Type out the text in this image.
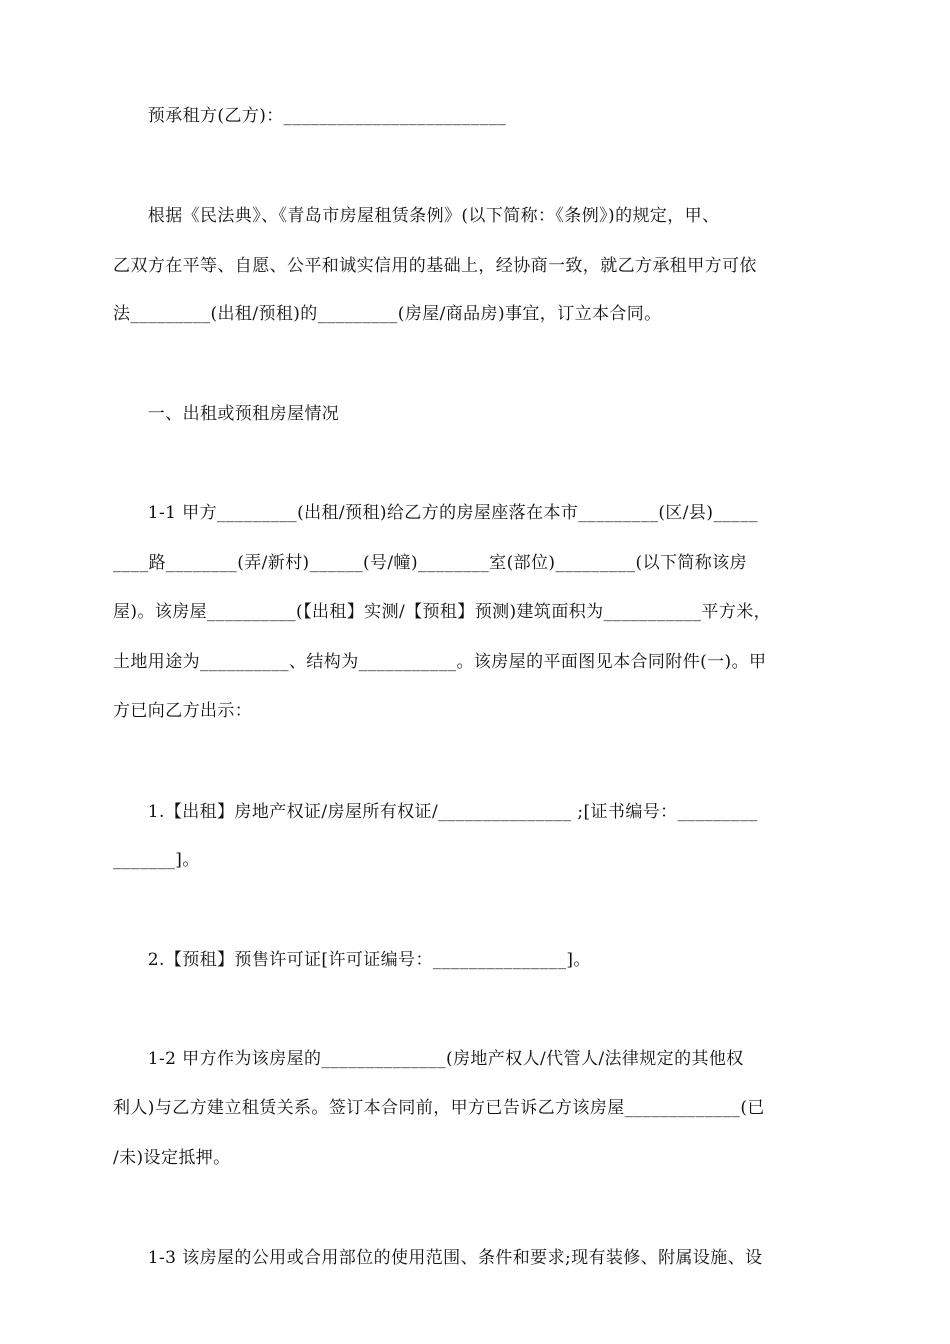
　　预承租方(乙方)：_________________________
　　根据《民法典》、《青岛市房屋租赁条例》(以下简称：《条例》)的规定，甲、
乙双方在平等、自愿、公平和诚实信用的基础上，经协商一致，就乙方承租甲方可依
法_________(出租/预租)的_________(房屋/商品房)事宜，订立本合同。
　　一、出租或预租房屋情况
　　1-1 甲方_________(出租/预租)给乙方的房屋座落在本市_________(区/县)_____
____路________(弄/新村)______(号/幢)________室(部位)_________(以下简称该房
屋)。该房屋__________(【出租】实测/【预租】预测)建筑面积为___________平方米，
土地用途为__________、结构为___________。该房屋的平面图见本合同附件(一)。甲
方已向乙方出示：
　　1.【出租】房地产权证/房屋所有权证/_______________ ;[证书编号：_________
_______]。
　　2.【预租】预售许可证[许可证编号：_______________]。
　　1-2 甲方作为该房屋的______________(房地产权人/代管人/法律规定的其他权
利人)与乙方建立租赁关系。签订本合同前，甲方已告诉乙方该房屋_____________(已
/未)设定抵押。
　　1-3 该房屋的公用或合用部位的使用范围、条件和要求;现有装修、附属设施、设
